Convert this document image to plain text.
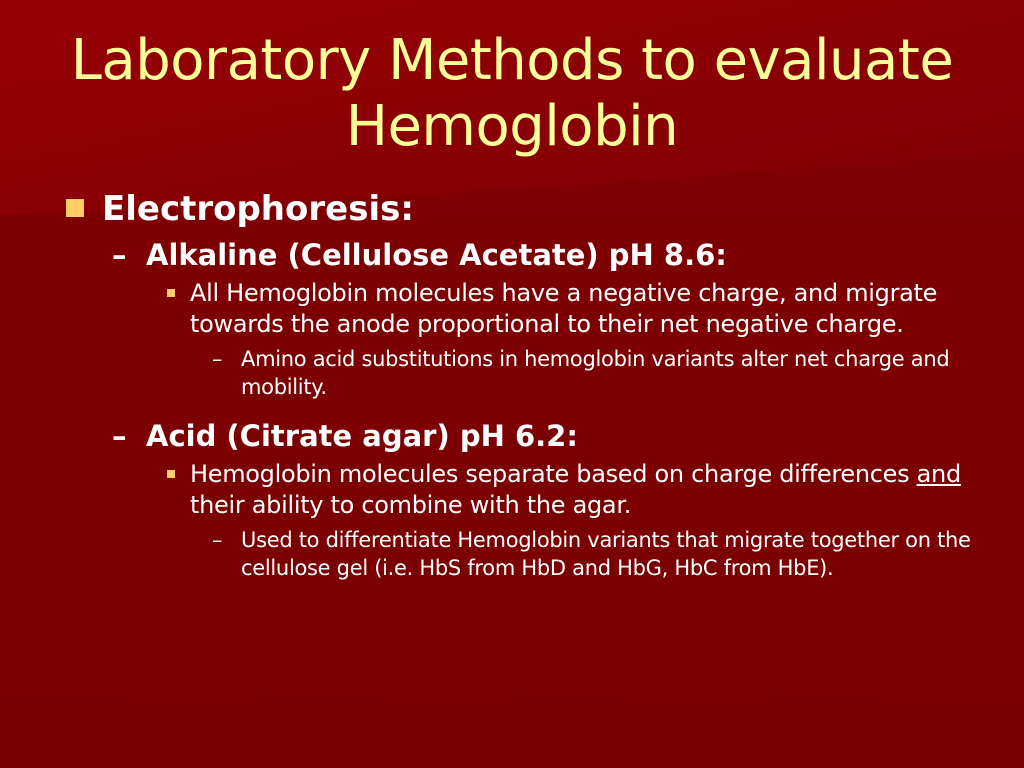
Laboratory Methods to evaluate Hemoglobin
Electrophoresis:
– Alkaline (Cellulose Acetate) pH 8.6:
All Hemoglobin molecules have a negative charge, and migrate towards the anode proportional to their net negative charge.
– Amino acid substitutions in hemoglobin variants alter net charge and mobility.
– Acid (Citrate agar) pH 6.2:
Hemoglobin molecules separate based on charge differences and their ability to combine with the agar.
– Used to differentiate Hemoglobin variants that migrate together on the cellulose gel (i.e. HbS from HbD and HbG, HbC from HbE).
